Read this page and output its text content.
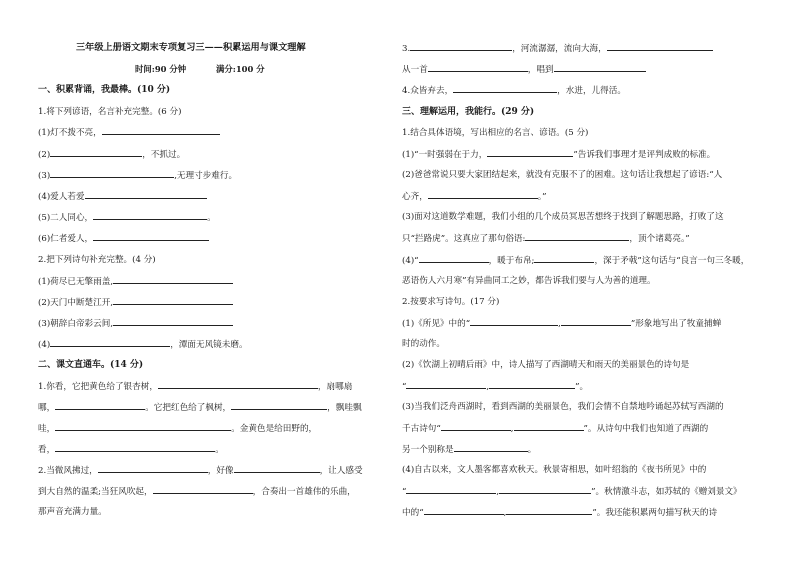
三年级上册语文期末专项复习三——积累运用与课文理解
时间:90 分钟	满分:100 分
一、积累背诵，我最棒。(10 分)
1.将下列谚语，名言补充完整。(6 分)
(1)灯不拨不亮，
(2)	，不抓过。
(3)	,无理寸步难行。
(4)爱人若爱
(5)二人同心，	。
(6)仁者爱人，
2.把下列诗句补充完整。(4 分)
(1)荷尽已无擎雨盖,
(2)天门中断楚江开,
(3)朝辞白帝彩云间,
(4)	，潭面无风镜未磨。
二、课文直通车。(14 分)
1.你看，它把黄色给了银杏树，	，扇哪扇
哪，	。它把红色给了枫树，	，飘哇飘
哇，	。金黄色是给田野的，
看，	。
2.当微风拂过，	，好像	，让人感受
到大自然的温柔;当狂风吹起，	，合奏出一首雄伟的乐曲，
那声音充满力量。
3.	，河流潺潺，流向大海，
从一首	，唱到
4.众皆弃去，	，水进，儿得活。
三、理解运用，我能行。(29 分)
1.结合具体语境，写出相应的名言、谚语。(5 分)
(1)“一时强弱在于力，	”告诉我们事理才是评判成败的标准。
(2)爸爸常说只要大家团结起来，就没有克服不了的困难。这句话让我想起了谚语:“人
心齐，	。”
(3)面对这道数学难题，我们小组的几个成员冥思苦想终于找到了解题思路，打败了这
只“拦路虎”。这真应了那句俗语:	，顶个诸葛亮。”
(4)“	，暖于布帛;	，深于矛戟”这句话与“良言一句三冬暖，
恶语伤人六月寒”有异曲同工之妙，都告诉我们要与人为善的道理。
2.按要求写诗句。(17 分)
(1)《所见》中的“	,	”形象地写出了牧童捕蝉
时的动作。
(2)《饮湖上初晴后雨》中，诗人描写了西湖晴天和雨天的美丽景色的诗句是
“	,	”。
(3)当我们泛舟西湖时，看到西湖的美丽景色，我们会情不自禁地吟诵起苏轼写西湖的
千古诗句“	,	”。从诗句中我们也知道了西湖的
另一个别称是	。
(4)自古以来，文人墨客都喜欢秋天。秋景寄相思，如叶绍翁的《夜书所见》中的
“	,	”。秋情激斗志，如苏轼的《赠刘景文》
中的“	,	”。我还能积累两句描写秋天的诗
